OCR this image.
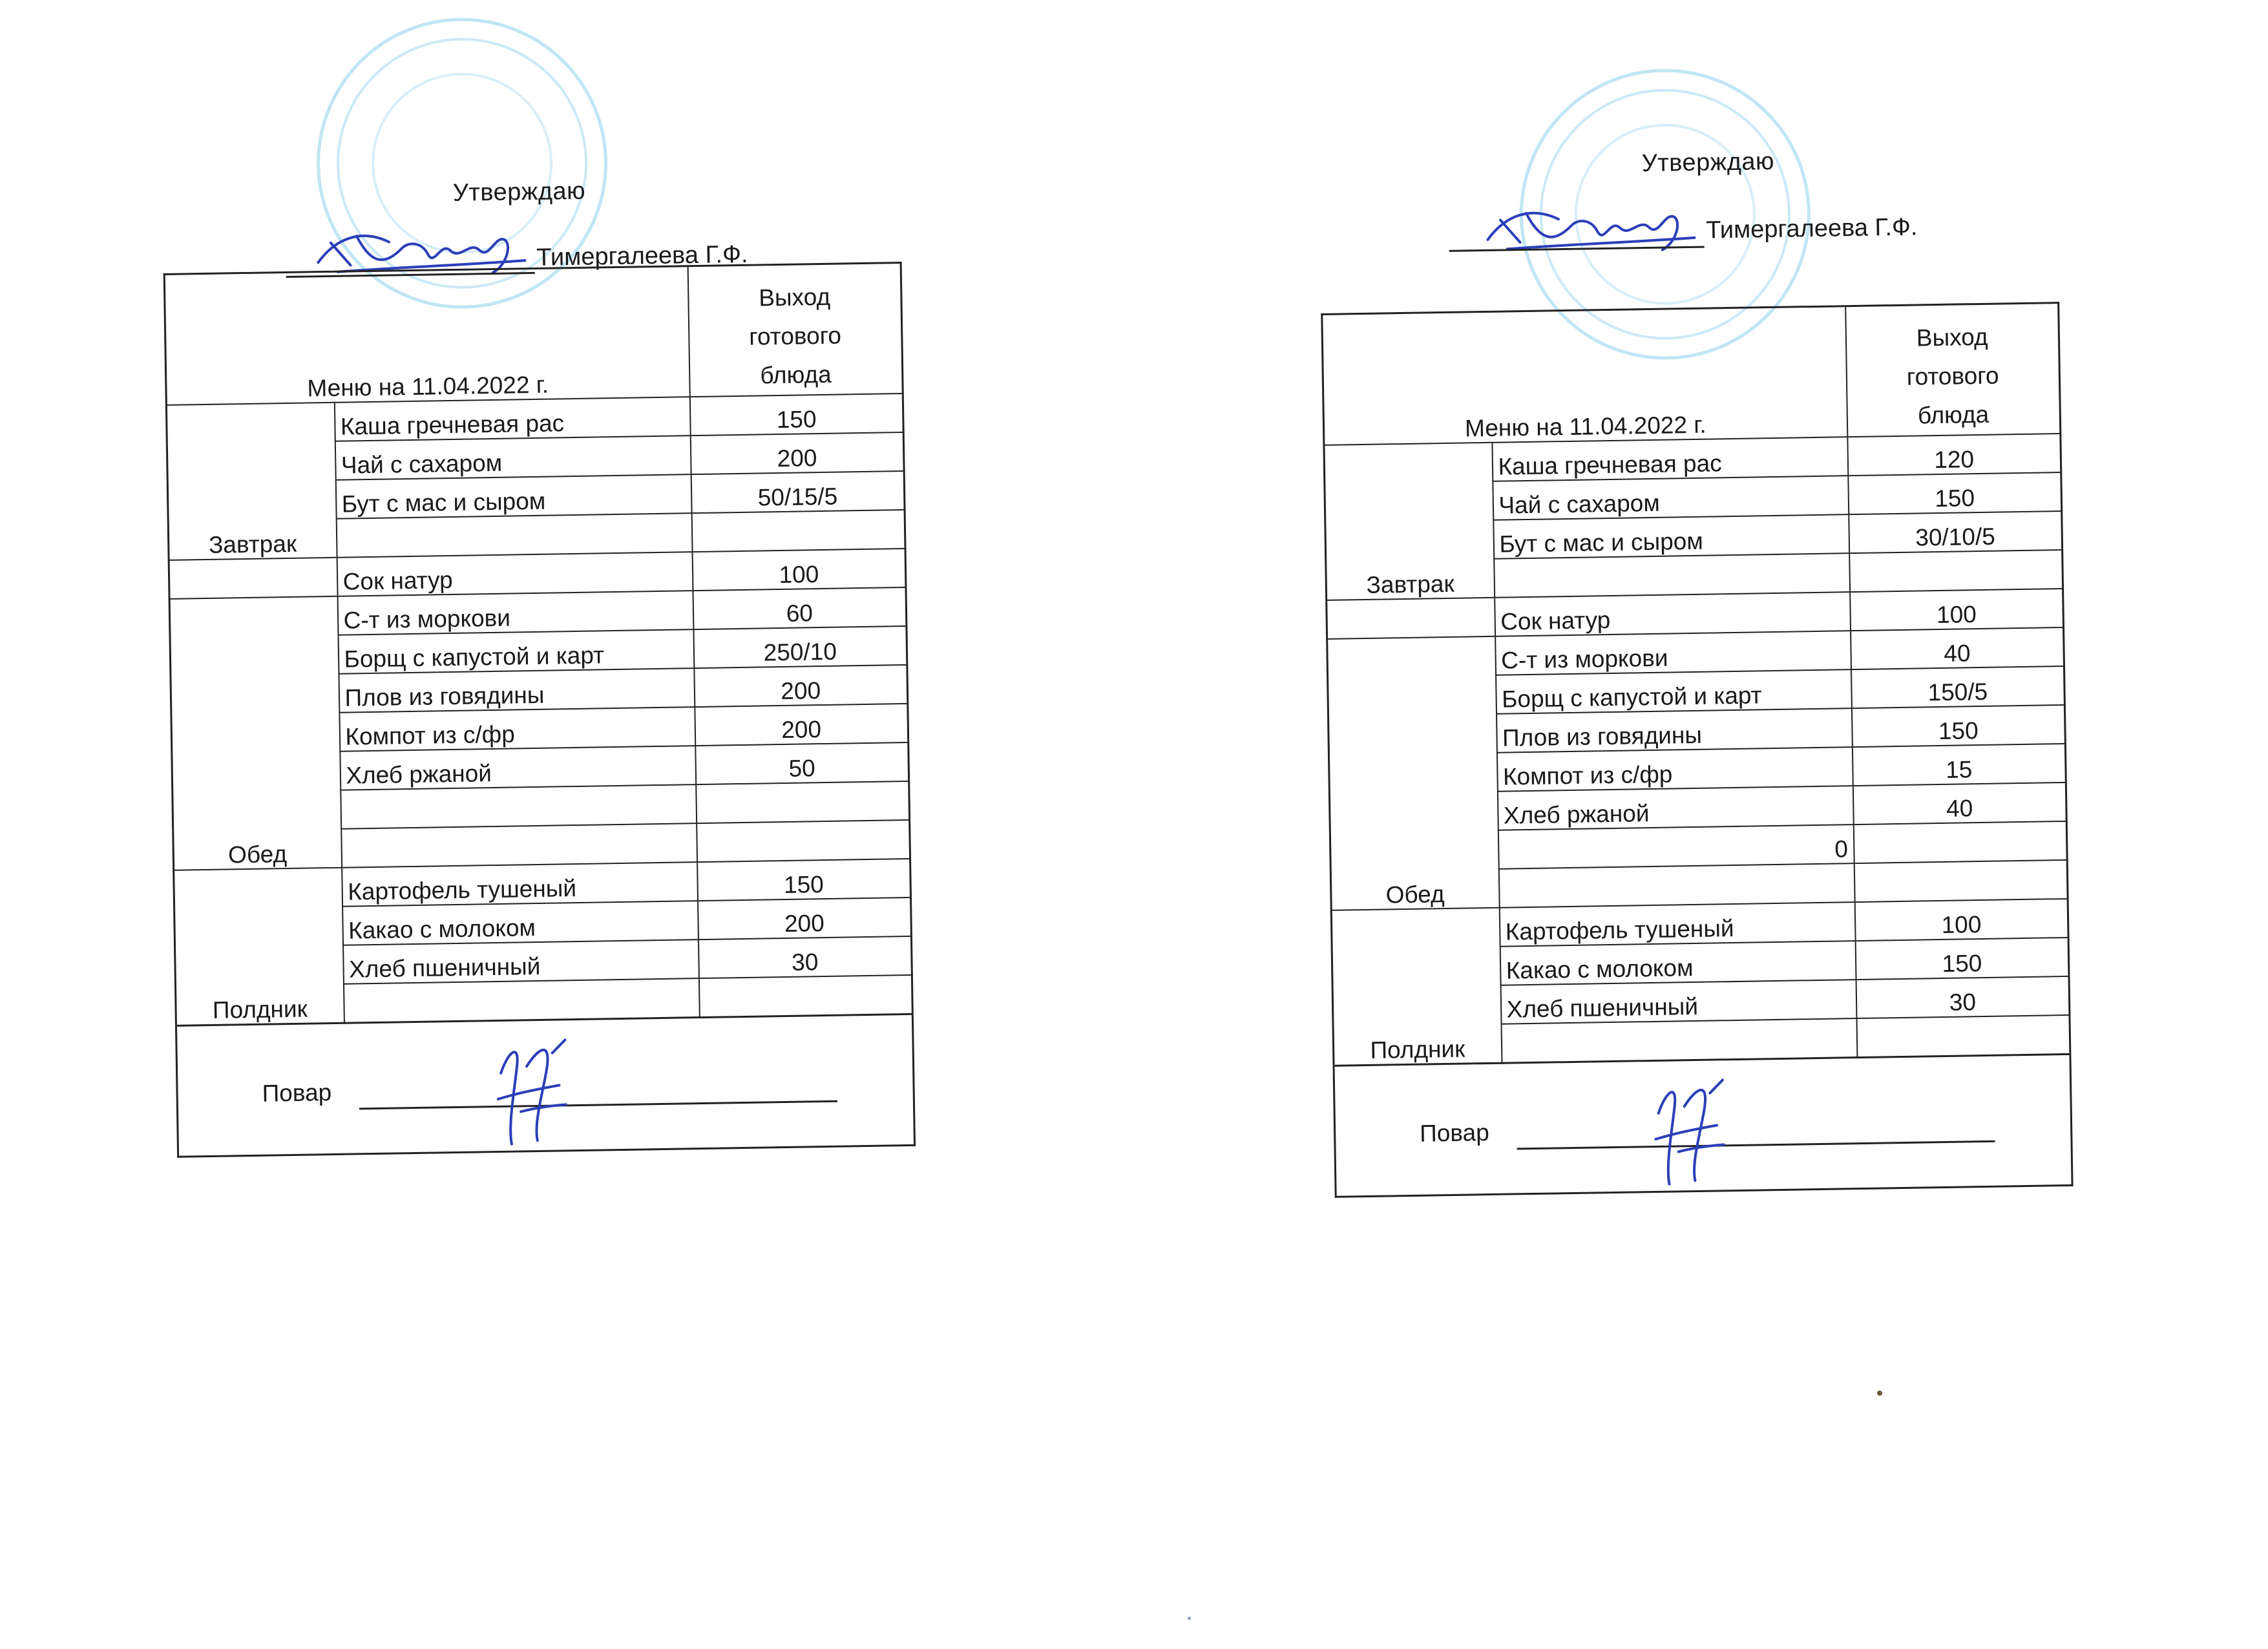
Утверждаю
Тимергалеева Г.Ф.
Меню на 11.04.2022 г.		Выход
готового
блюда

Завтрак	Каша гречневая рас	150
	Чай с сахаром	200
	Бут с мас и сыром	50/15/5

	Сок натур	100
Обед	С-т из моркови	60
	Борщ с капустой и карт	250/10
	Плов из говядины	200
	Компот из с/фр	200
	Хлеб ржаной	50

Полдник	Картофель тушеный	150
	Какао с молоком	200
	Хлеб пшеничный	30

Повар		
Утверждаю
Тимергалеева Г.Ф.
Меню на 11.04.2022 г.		Выход
готового
блюда

Завтрак	Каша гречневая рас	120
	Чай с сахаром	150
	Бут с мас и сыром	30/10/5

	Сок натур	100
Обед	С-т из моркови	40
	Борщ с капустой и карт	150/5
	Плов из говядины	150
	Компот из с/фр	15
	Хлеб ржаной	40
	0	

Полдник	Картофель тушеный	100
	Какао с молоком	150
	Хлеб пшеничный	30

Повар		
